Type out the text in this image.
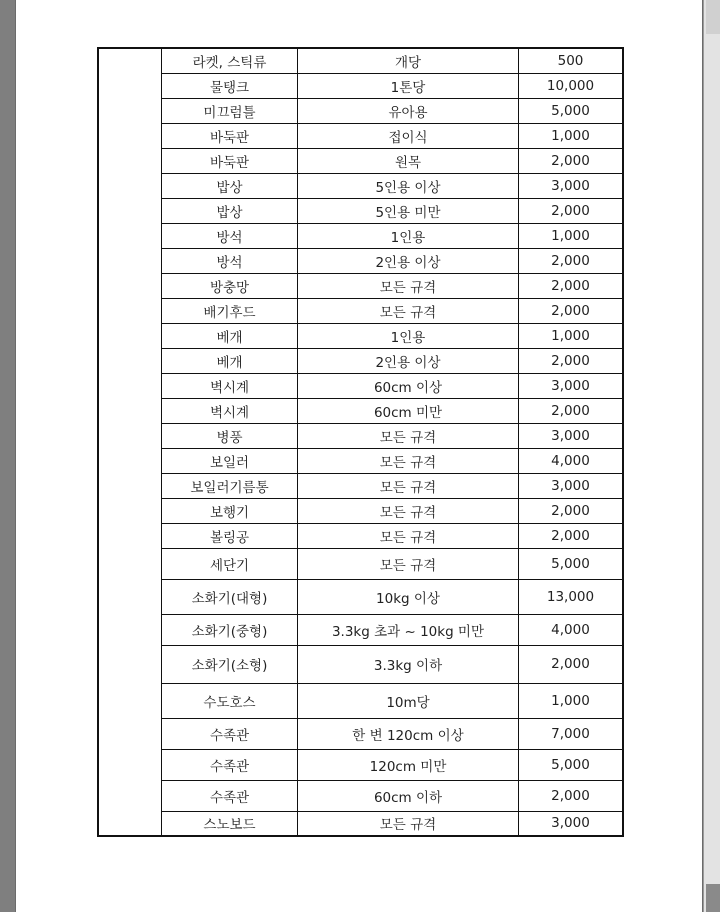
	라켓, 스틱류	개당	500
	물탱크	1톤당	10,000
	미끄럼틀	유아용	5,000
	바둑판	접이식	1,000
	바둑판	원목	2,000
	밥상	5인용 이상	3,000
	밥상	5인용 미만	2,000
	방석	1인용	1,000
	방석	2인용 이상	2,000
	방충망	모든 규격	2,000
	배기후드	모든 규격	2,000
	베개	1인용	1,000
	베개	2인용 이상	2,000
	벽시계	60cm 이상	3,000
	벽시계	60cm 미만	2,000
	병풍	모든 규격	3,000
	보일러	모든 규격	4,000
	보일러기름통	모든 규격	3,000
	보행기	모든 규격	2,000
	볼링공	모든 규격	2,000
	세단기	모든 규격	5,000
	소화기(대형)	10kg 이상	13,000
	소화기(중형)	3.3kg 초과 ~ 10kg 미만	4,000
	소화기(소형)	3.3kg 이하	2,000
	수도호스	10m당	1,000
	수족관	한 변 120cm 이상	7,000
	수족관	120cm 미만	5,000
	수족관	60cm 이하	2,000
	스노보드	모든 규격	3,000
